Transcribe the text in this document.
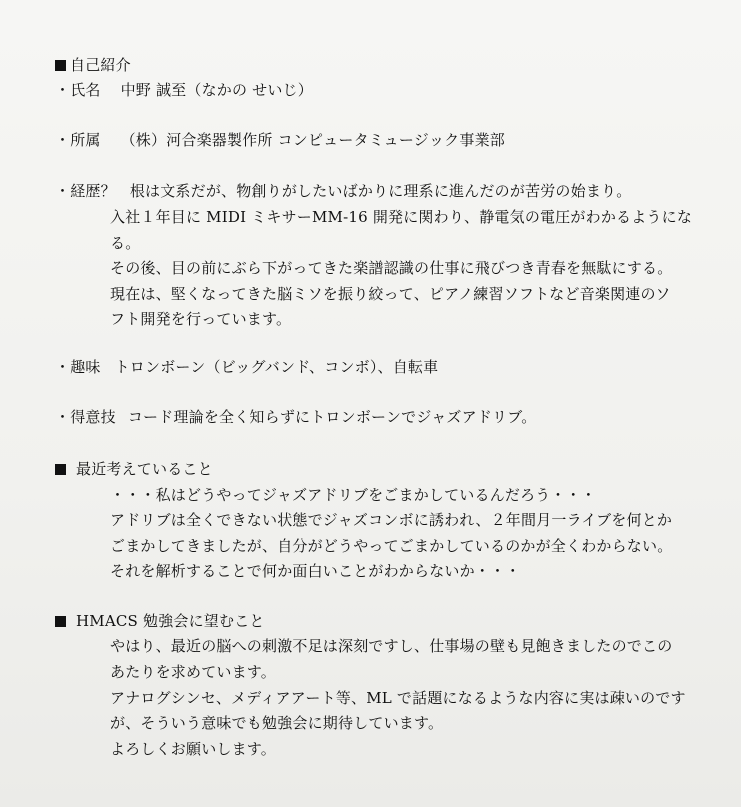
自己紹介
・氏名 中野 誠至（なかの せいじ）
・所属 （株）河合楽器製作所 コンピュータミュージック事業部
・経歴？ 根は文系だが、物創りがしたいばかりに理系に進んだのが苦労の始まり。
入社１年目に MIDI ミキサーMM-16 開発に関わり、静電気の電圧がわかるようにな
る。
その後、目の前にぶら下がってきた楽譜認識の仕事に飛びつき青春を無駄にする。
現在は、堅くなってきた脳ミソを振り絞って、ピアノ練習ソフトなど音楽関連のソ
フト開発を行っています。
・趣味 トロンボーン（ビッグバンド、コンボ）、自転車
・得意技 コード理論を全く知らずにトロンボーンでジャズアドリブ。
最近考えていること
・・・私はどうやってジャズアドリブをごまかしているんだろう・・・
アドリブは全くできない状態でジャズコンボに誘われ、２年間月一ライブを何とか
ごまかしてきましたが、自分がどうやってごまかしているのかが全くわからない。
それを解析することで何か面白いことがわからないか・・・
HMACS 勉強会に望むこと
やはり、最近の脳への刺激不足は深刻ですし、仕事場の壁も見飽きましたのでこの
あたりを求めています。
アナログシンセ、メディアアート等、ML で話題になるような内容に実は疎いのです
が、そういう意味でも勉強会に期待しています。
よろしくお願いします。
